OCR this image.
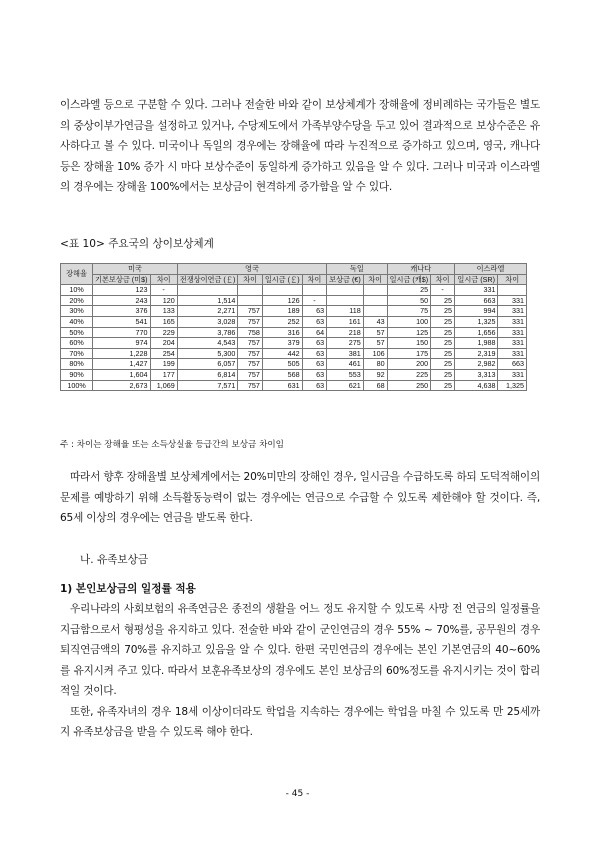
이스라엘 등으로 구분할 수 있다. 그러나 전술한 바와 같이 보상체계가 장해율에 정비례하는 국가들은 별도의 중상이부가연금을 설정하고 있거나, 수당제도에서 가족부양수당을 두고 있어 결과적으로 보상수준은 유사하다고 볼 수 있다. 미국이나 독일의 경우에는 장해율에 따라 누진적으로 증가하고 있으며, 영국, 캐나다 등은 장해율 10% 증가 시 마다 보상수준이 동일하게 증가하고 있음을 알 수 있다. 그러나 미국과 이스라엘의 경우에는 장해율 100%에서는 보상금이 현격하게 증가함을 알 수 있다.

<표 10> 주요국의 상이보상체계
장해율	미국		영국				독일		캐나다		이스라엘	
	기본보상금 (미$)	차이	전쟁상이연금 (￡)	차이	일시금 (￡)	차이	보상금 (€)	차이	일시금 (캐$)	차이	일시금 (SR)	차이
10%	123	-							25	-	331	
20%	243	120	1,514		126	-			50	25	663	331
30%	376	133	2,271	757	189	63	118		75	25	994	331
40%	541	165	3,028	757	252	63	161	43	100	25	1,325	331
50%	770	229	3,786	758	316	64	218	57	125	25	1,656	331
60%	974	204	4,543	757	379	63	275	57	150	25	1,988	331
70%	1,228	254	5,300	757	442	63	381	106	175	25	2,319	331
80%	1,427	199	6,057	757	505	63	461	80	200	25	2,982	663
90%	1,604	177	6,814	757	568	63	553	92	225	25	3,313	331
100%	2,673	1,069	7,571	757	631	63	621	68	250	25	4,638	1,325
주 : 차이는 장해율 또는 소득상실율 등급간의 보상금 차이임

따라서 향후 장해율별 보상체계에서는 20%미만의 장해인 경우, 일시금을 수급하도록 하되 도덕적해이의 문제를 예방하기 위해 소득활동능력이 없는 경우에는 연금으로 수급할 수 있도록 제한해야 할 것이다. 즉, 65세 이상의 경우에는 연금을 받도록 한다.

나. 유족보상금
1) 본인보상금의 일정률 적용

우리나라의 사회보험의 유족연금은 종전의 생활을 어느 정도 유지할 수 있도록 사망 전 연금의 일정률을 지급함으로서 형평성을 유지하고 있다. 전술한 바와 같이 군인연금의 경우 55% ~ 70%를, 공무원의 경우 퇴직연금액의 70%를 유지하고 있음을 알 수 있다. 한편 국민연금의 경우에는 본인 기본연금의 40~60%를 유지시켜 주고 있다. 따라서 보훈유족보상의 경우에도 본인 보상금의 60%정도를 유지시키는 것이 합리적일 것이다.

또한, 유족자녀의 경우 18세 이상이더라도 학업을 지속하는 경우에는 학업을 마칠 수 있도록 만 25세까지 유족보상금을 받을 수 있도록 해야 한다.

- 45 -
